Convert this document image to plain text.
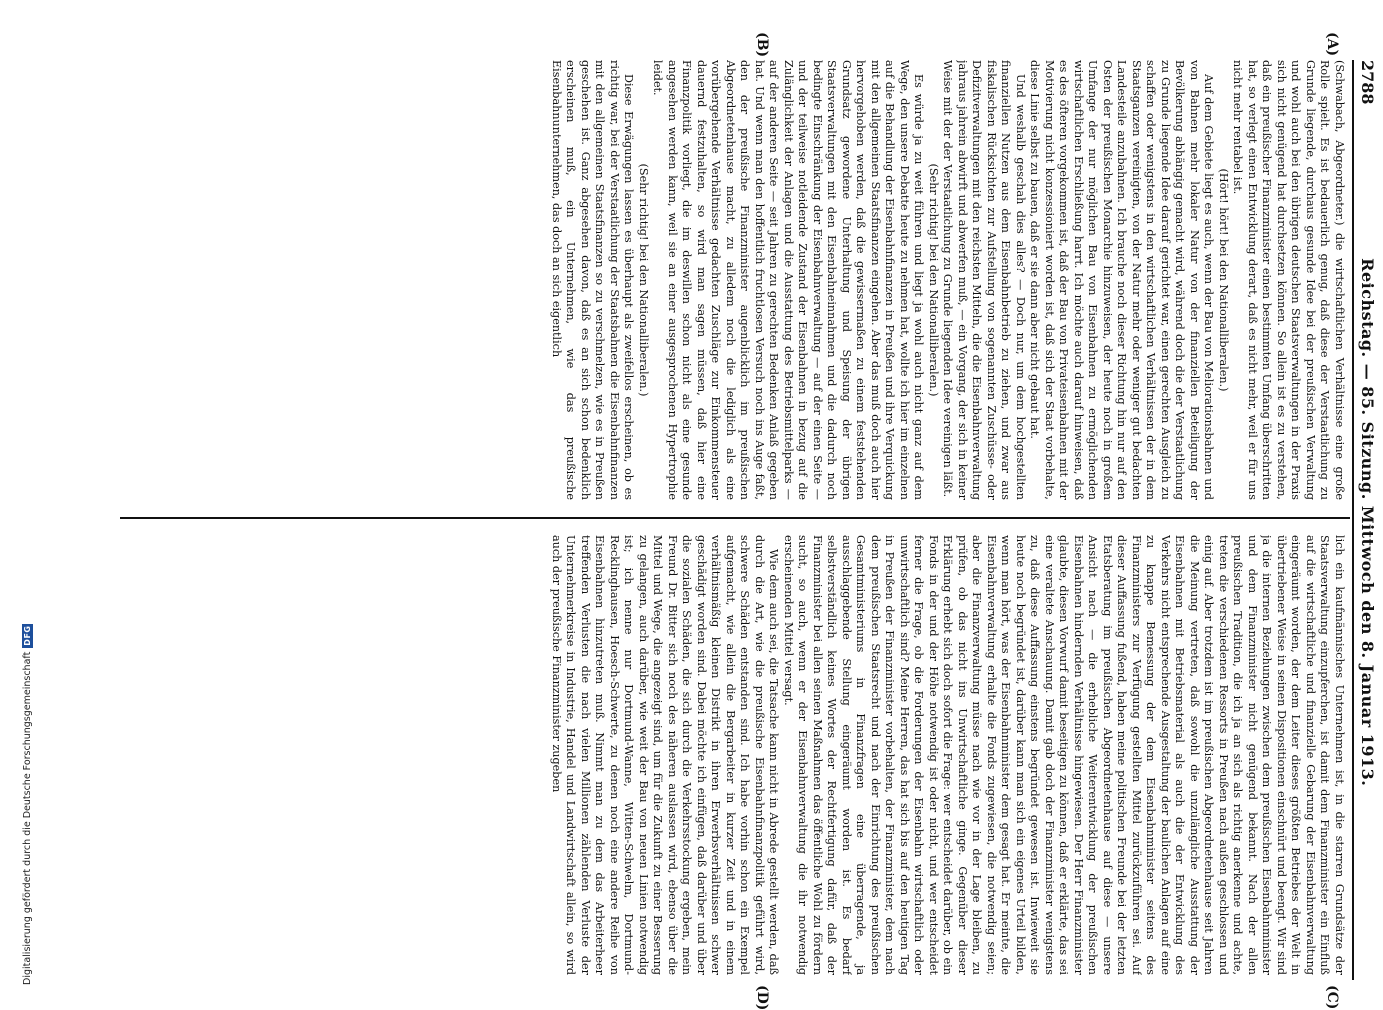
2788
Reichstag. — 85. Sitzung. Mittwoch den 8. Januar 1913.
(A)
(B)
(C)
(D)

(Schwabach, Abgeordneter.) die wirtschaftlichen Verhältnisse eine große Rolle spielt. Es ist bedauerlich genug, daß diese der Verstaatlichung zu Grunde liegende, durchaus gesunde Idee bei der preußischen Verwaltung und wohl auch bei den übrigen deutschen Staatsverwaltungen in der Praxis sich nicht genügend hat durchsetzen können. So allein ist es zu verstehen, daß ein preußischer Finanzminister einen bestimmten Umfang überschritten hat, so verlegt einen Entwicklung derart, daß es nicht mehr, weil er für uns nicht mehr rentabel ist.

(Hört! hört! bei den Nationalliberalen.)

Auf dem Gebiete liegt es auch, wenn der Bau von Meliorationsbahnen und von Bahnen mehr lokaler Natur von der finanziellen Beteiligung der Bevölkerung abhängig gemacht wird, während doch die der Verstaatlichung zu Grunde liegende Idee darauf gerichtet war, einen gerechten Ausgleich zu schaffen oder wenigstens in den wirtschaftlichen Verhältnissen der in dem Staatsganzen vereinigten, von der Natur mehr oder weniger gut bedachten Landesteile anzubahnen. Ich brauche noch dieser Richtung hin nur auf den Osten der preußischen Monarchie hinzuweisen, der heute noch in großem Umfange der nur möglichen Bau von Eisenbahnen zu ermöglichenden wirtschaftlichen Erschließung harrt. Ich möchte auch darauf hinweisen, daß es des öfteren vorgekommen ist, daß der Bau von Privateisenbahnen mit der Motivierung nicht konzessioniert worden ist, daß sich der Staat vorbehalte, diese Linie selbst zu bauen, daß er sie dann aber nicht gebaut hat.

Und weshalb geschah dies alles? — Doch nur, um dem hochgestellten finanziellen Nutzen aus dem Eisenbahnbetrieb zu ziehen, und zwar aus fiskalischen Rücksichten zur Aufstellung von sogenannten Zuschüsse- oder Defizitverwaltungen mit den reichsten Mitteln, die die Eisenbahnverwaltung jahraus jahrein abwirft und abwerfen muß, — ein Vorgang, der sich in keiner Weise mit der der Verstaatlichung zu Grunde liegenden Idee vereinigen läßt.

(Sehr richtig! bei den Nationalliberalen.)

Es würde ja zu weit führen und liegt ja wohl auch nicht ganz auf dem Wege, den unsere Debatte heute zu nehmen hat, wollte ich hier im einzelnen auf die Behandlung der Eisenbahnfinanzen in Preußen und ihre Verquickung mit den allgemeinen Staatsfinanzen eingehen. Aber das muß doch auch hier hervorgehoben werden, daß die gewissermaßen zu einem feststehenden Grundsatz gewordene Unterhaltung und Speisung der übrigen Staatsverwaltungen mit den Eisenbahneinnahmen und die dadurch noch bedingte Einschränkung der Eisenbahnverwaltung — auf der einen Seite — und der teilweise notleidende Zustand der Eisenbahnen in bezug auf die Zulänglichkeit der Anlagen und die Ausstattung des Betriebsmittelparks — auf der anderen Seite — seit Jahren zu gerechten Bedenken Anlaß gegeben hat. Und wenn man den hoffentlich fruchtlosen Versuch noch ins Auge faßt, den der preußische Finanzminister augenblicklich im preußischen Abgeordnetenhause macht, zu alledem noch die lediglich als eine vorübergehende Verhältnisse gedachten Zuschläge zur Einkommensteuer dauernd festzuhalten, so wird man sagen müssen, daß hier eine Finanzpolitik vorliegt, die im deswillen schon nicht als eine gesunde angesehen werden kann, weil sie an einer ausgesprochenen Hypertrophie leidet.

(Sehr richtig! bei den Nationalliberalen.)

Diese Erwägungen lassen es überhaupt als zweifellos erscheinen, ob es richtig war, bei der Verstaatlichung der Staatsbahnen die Eisenbahnfinanzen mit den allgemeinen Staatsfinanzen so zu verschmelzen, wie es in Preußen geschehen ist. Ganz abgesehen davon, daß es an sich schon bedenklich erscheinen muß, ein Unternehmen, wie das preußische Eisenbahnunternehmen, das doch an sich eigentlich

lich ein kaufmännisches Unternehmen ist, in die starren Grundsätze der Staatsverwaltung einzupferchen, ist damit dem Finanzminister ein Einfluß auf die wirtschaftliche und finanzielle Gebarung der Eisenbahnverwaltung eingeräumt worden, der dem Leiter dieses größten Betriebes der Welt in übertriebener Weise in seinen Dispositionen einschnürt und beengt. Wir sind ja die internen Beziehungen zwischen dem preußischen Eisenbahnminister und dem Finanzminister nicht genügend bekannt. Nach der allen preußischen Tradition, die ich ja an sich als richtig anerkenne und achte, treten die verschiedenen Ressorts in Preußen nach außen geschlossen und einig auf. Aber trotzdem ist im preußischen Abgeordnetenhause seit Jahren die Meinung vertreten, daß sowohl die unzulängliche Ausstattung der Eisenbahnen mit Betriebsmaterial als auch die der Entwicklung des Verkehrs nicht entsprechende Ausgestaltung der baulichen Anlagen auf eine zu knappe Bemessung der dem Eisenbahnminister seitens des Finanzministers zur Verfügung gestellten Mittel zurückzuführen sei. Auf dieser Auffassung fußend, haben meine politischen Freunde bei der letzten Etatsberatung im preußischen Abgeordnetenhause auf diese — unsere Ansicht nach — die erhebliche Weiterentwicklung der preußischen Eisenbahnen hindernden Verhältnisse hingewiesen. Der Herr Finanzminister glaubte, diesen Vorwurf damit beseitigen zu können, daß er erklärte, das sei eine veraltete Anschauung. Damit gab doch der Finanzminister wenigstens zu, daß diese Auffassung einstens begründet gewesen ist. Inwieweit sie heute noch begründet ist, darüber kann man sich ein eigenes Urteil bilden, wenn man hört, was der Eisenbahnminister dem gesagt hat. Er meinte, die Eisenbahnverwaltung erhalte die Fonds zugewiesen, die notwendig seien; aber die Finanzverwaltung müsse nach wie vor in der Lage bleiben, zu prüfen, ob das nicht ins Unwirtschaftliche ginge. Gegenüber dieser Erklärung erhebt sich doch sofort die Frage: wer entscheidet darüber, ob ein Fonds in der und der Höhe notwendig ist oder nicht, und wer entscheidet ferner die Frage, ob die Forderungen der Eisenbahn wirtschaftlich oder unwirtschaftlich sind? Meine Herren, das hat sich bis auf den heutigen Tag in Preußen der Finanzminister vorbehalten, der Finanzminister, dem nach dem preußischen Staatsrecht und nach der Einrichtung des preußischen Gesamtministeriums in Finanzfragen eine überragende, ja ausschlaggebende Stellung eingeräumt worden ist. Es bedarf selbstverständlich keines Wortes der Rechtfertigung dafür, daß der Finanzminister bei allen seinen Maßnahmen das öffentliche Wohl zu fördern sucht, so auch, wenn er der Eisenbahnverwaltung die ihr notwendig erscheinenden Mittel versagt.

Wie dem auch sei, die Tatsache kann nicht in Abrede gestellt werden, daß durch die Art, wie die preußische Eisenbahnfinanzpolitik geführt wird, schwere Schäden entstanden sind. Ich habe vorhin schon ein Exempel aufgemacht, wie allein die Bergarbeiter in kurzer Zeit und in einem verhältnismäßig kleinen Distrikt in ihren Erwerbsverhältnissen schwer geschädigt worden sind. Dabei möchte ich einfügen, daß darüber und über die sozialen Schäden, die sich durch die Verkehrsstockung ergeben, mein Freund Dr. Bitter sich noch des näheren auslassen wird, ebenso über die Mittel und Wege, die angezeigt sind, um für die Zukunft zu einer Besserung zu gelangen, auch darüber, wie weit der Bau von neuen Linien notwendig ist; ich nenne nur Dortmund-Wanne, Witten-Schwelm, Dortmund-Recklinghausen, Hoesch-Schwerte, zu denen noch eine andere Reihe von Eisenbahnen hinzutreten muß. Nimmt man zu dem das Arbeiterheer treffenden Verlusten die nach vielen Millionen zählenden Verluste der Unternehmerkreise in Industrie, Handel und Landwirtschaft allein, so wird auch der preußische Finanzminister zugeben

Digitalisierung gefördert durch die Deutsche Forschungsgemeinschaft
DFG
